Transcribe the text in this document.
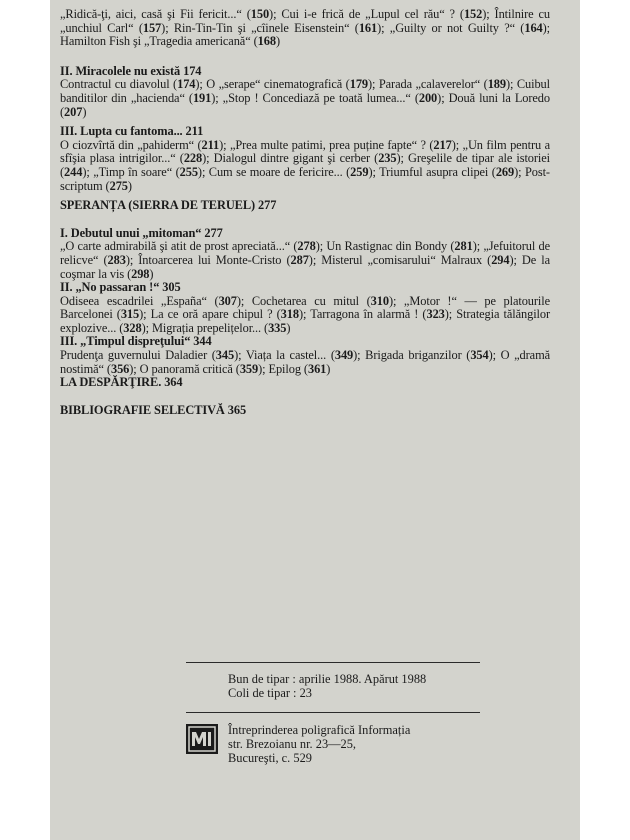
„Ridică-ţi, aici, casă şi Fii fericit...“ (150); Cui i-e frică de „Lupul cel rău“ ? (152); Întilnire cu „unchiul Carl“ (157); Rin-Tin-Tin şi „cîinele Eisenstein“ (161); „Guilty or not Guilty ?“ (164); Hamilton Fish şi „Tragedia americană“ (168)

II. Miracolele nu există 174

Contractul cu diavolul (174); O „serape“ cinematografică (179); Parada „calaverelor“ (189); Cuibul banditilor din „hacienda“ (191); „Stop ! Concediază pe toată lumea...“ (200); Două luni la Loredo (207)

III. Lupta cu fantoma... 211

O ciozvîrtă din „pahiderm“ (211); „Prea multe patimi, prea puține fapte“ ? (217); „Un film pentru a sfîşia plasa intrigilor...“ (228); Dialogul dintre gigant şi cerber (235); Greşelile de tipar ale istoriei (244); „Timp în soare“ (255); Cum se moare de fericire... (259); Triumful asupra clipei (269); Post-scriptum (275)

SPERANȚA (SIERRA DE TERUEL) 277

I. Debutul unui „mitoman“ 277

„O carte admirabilă şi atit de prost apreciată...“ (278); Un Rastignac din Bondy (281); „Jefuitorul de relicve“ (283); Întoarcerea lui Monte-Cristo (287); Misterul „comisarului“ Malraux (294); De la coşmar la vis (298)

II. „No passaran !“ 305

Odiseea escadrilei „España“ (307); Cochetarea cu mitul (310); „Motor !“ — pe platourile Barcelonei (315); La ce oră apare chipul ? (318); Tarragona în alarmă ! (323); Strategia tălăngilor explozive... (328); Migrația prepelițelor... (335)

III. „Timpul dispreţului“ 344

Prudenţa guvernului Daladier (345); Viața la castel... (349); Brigada briganzilor (354); O „dramă nostimă“ (356); O panoramă critică (359); Epilog (361)

LA DESPĂRŢIRE. 364

BIBLIOGRAFIE SELECTIVĂ 365

Bun de tipar : aprilie 1988. Apărut 1988

Coli de tipar : 23

Întreprinderea poligrafică Informația

str. Brezoianu nr. 23—25,

Bucureşti, c. 529
